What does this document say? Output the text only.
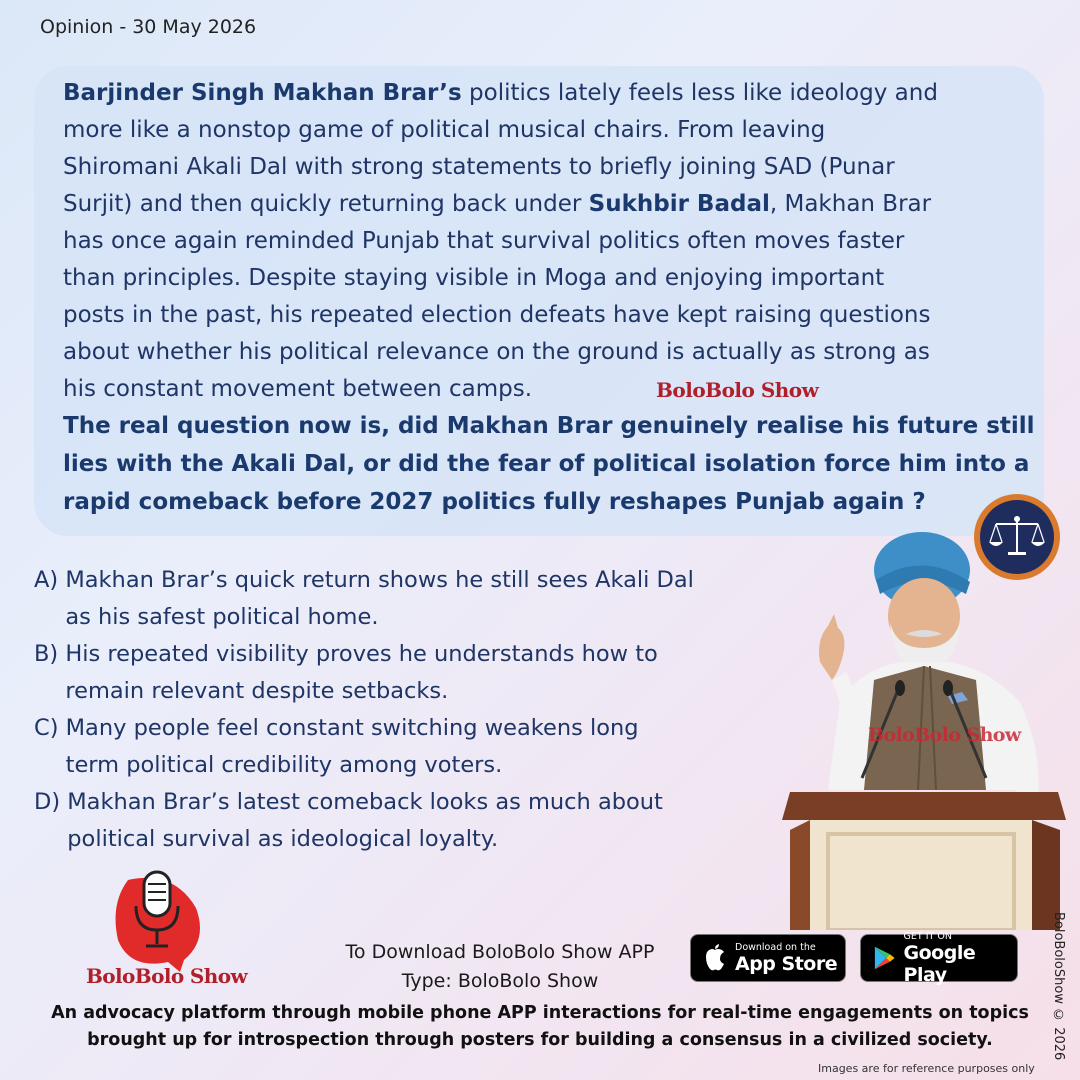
Opinion - 30 May 2026
Barjinder Singh Makhan Brar’s politics lately feels less like ideology and
more like a nonstop game of political musical chairs. From leaving
Shiromani Akali Dal with strong statements to briefly joining SAD (Punar
Surjit) and then quickly returning back under Sukhbir Badal, Makhan Brar
has once again reminded Punjab that survival politics often moves faster
than principles. Despite staying visible in Moga and enjoying important
posts in the past, his repeated election defeats have kept raising questions
about whether his political relevance on the ground is actually as strong as
his constant movement between camps.	BoloBolo Show
The real question now is, did Makhan Brar genuinely realise his future still
lies with the Akali Dal, or did the fear of political isolation force him into a
rapid comeback before 2027 politics fully reshapes Punjab again ?
A) Makhan Brar’s quick return shows he still sees Akali Dal
as his safest political home.
B) His repeated visibility proves he understands how to
remain relevant despite setbacks.
C) Many people feel constant switching weakens long
term political credibility among voters.
D) Makhan Brar’s latest comeback looks as much about
political survival as ideological loyalty.
BoloBolo Show
BoloBolo Show
To Download BoloBolo Show APP
Type: BoloBolo Show
Download on the
App Store
GET IT ON
Google Play
An advocacy platform through mobile phone APP interactions for real-time engagements on topics
brought up for introspection through posters for building a consensus in a civilized society.	BoloBoloShow © 2026
Images are for reference purposes only
